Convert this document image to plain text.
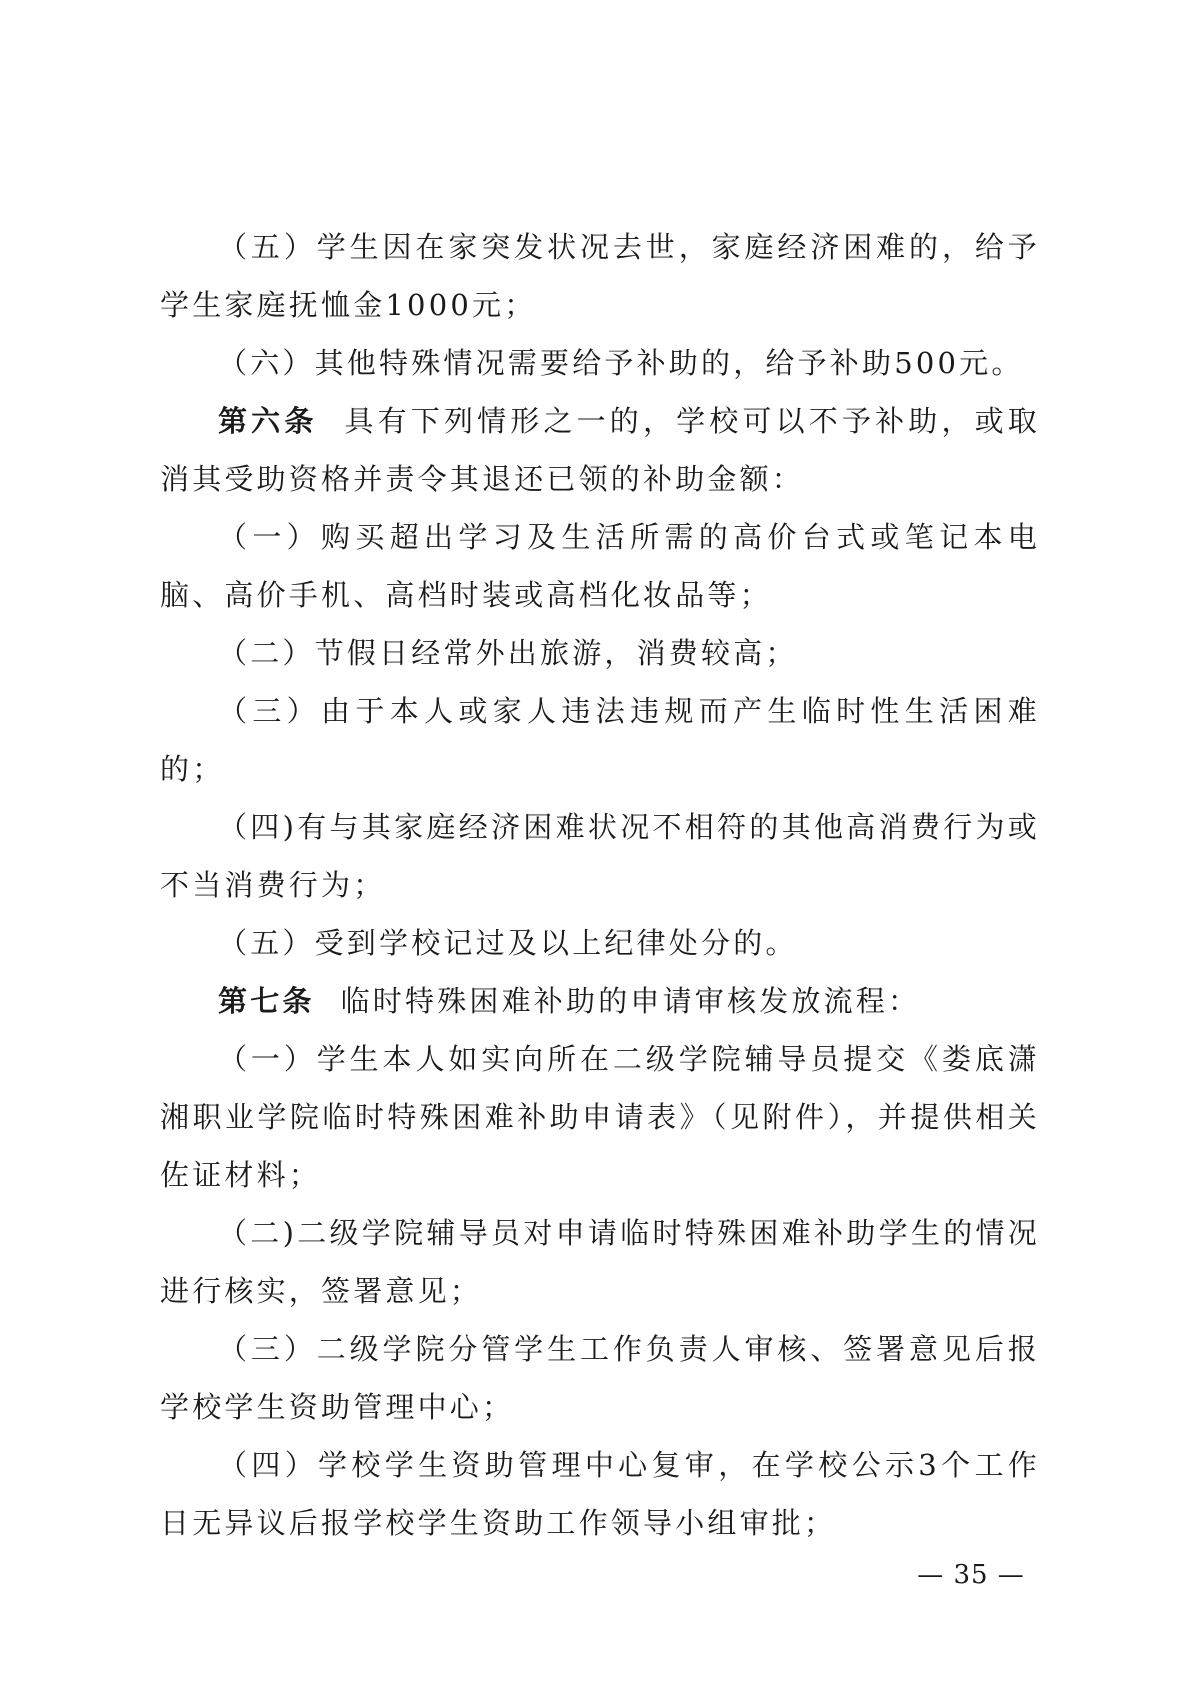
（五）学生因在家突发状况去世，家庭经济困难的，给予学生家庭抚恤金1000元；

（六）其他特殊情况需要给予补助的，给予补助500元。

第六条 具有下列情形之一的，学校可以不予补助，或取消其受助资格并责令其退还已领的补助金额：

（一）购买超出学习及生活所需的高价台式或笔记本电脑、高价手机、高档时装或高档化妆品等；

（二）节假日经常外出旅游，消费较高；

（三）由于本人或家人违法违规而产生临时性生活困难的；

（四)有与其家庭经济困难状况不相符的其他高消费行为或不当消费行为；

（五）受到学校记过及以上纪律处分的。

第七条 临时特殊困难补助的申请审核发放流程：

（一）学生本人如实向所在二级学院辅导员提交《娄底潇湘职业学院临时特殊困难补助申请表》（见附件），并提供相关佐证材料；

（二)二级学院辅导员对申请临时特殊困难补助学生的情况进行核实，签署意见；

（三）二级学院分管学生工作负责人审核、签署意见后报学校学生资助管理中心；

（四）学校学生资助管理中心复审，在学校公示3个工作日无异议后报学校学生资助工作领导小组审批；

— 35 —
